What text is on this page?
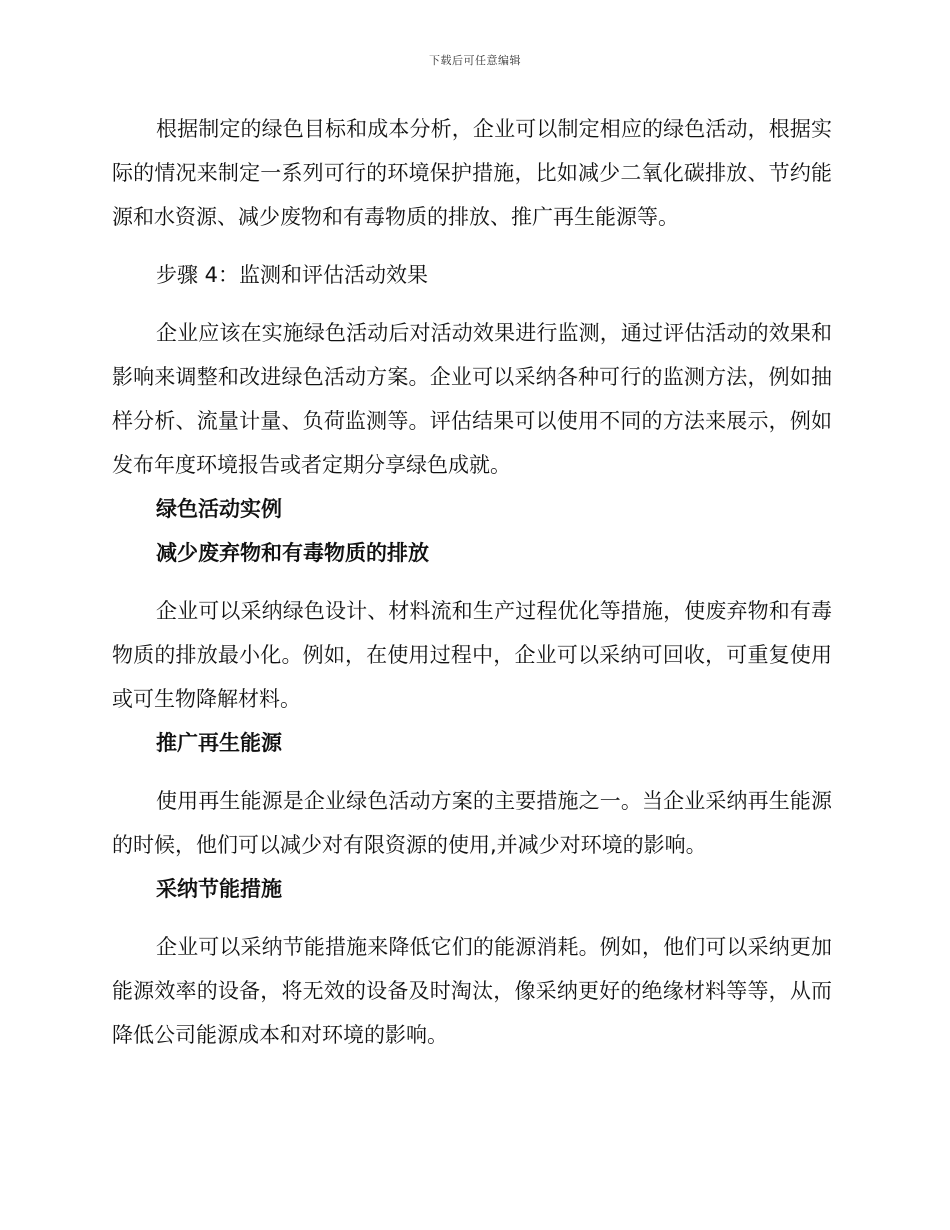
下载后可任意编辑

根据制定的绿色目标和成本分析，企业可以制定相应的绿色活动，根据实际的情况来制定一系列可行的环境保护措施，比如减少二氧化碳排放、节约能源和水资源、减少废物和有毒物质的排放、推广再生能源等。

步骤 4：监测和评估活动效果

企业应该在实施绿色活动后对活动效果进行监测，通过评估活动的效果和影响来调整和改进绿色活动方案。企业可以采纳各种可行的监测方法，例如抽样分析、流量计量、负荷监测等。评估结果可以使用不同的方法来展示，例如发布年度环境报告或者定期分享绿色成就。

绿色活动实例

减少废弃物和有毒物质的排放

企业可以采纳绿色设计、材料流和生产过程优化等措施，使废弃物和有毒物质的排放最小化。例如，在使用过程中，企业可以采纳可回收，可重复使用或可生物降解材料。

推广再生能源

使用再生能源是企业绿色活动方案的主要措施之一。当企业采纳再生能源的时候，他们可以减少对有限资源的使用,并减少对环境的影响。

采纳节能措施

企业可以采纳节能措施来降低它们的能源消耗。例如，他们可以采纳更加能源效率的设备，将无效的设备及时淘汰，像采纳更好的绝缘材料等等，从而降低公司能源成本和对环境的影响。
